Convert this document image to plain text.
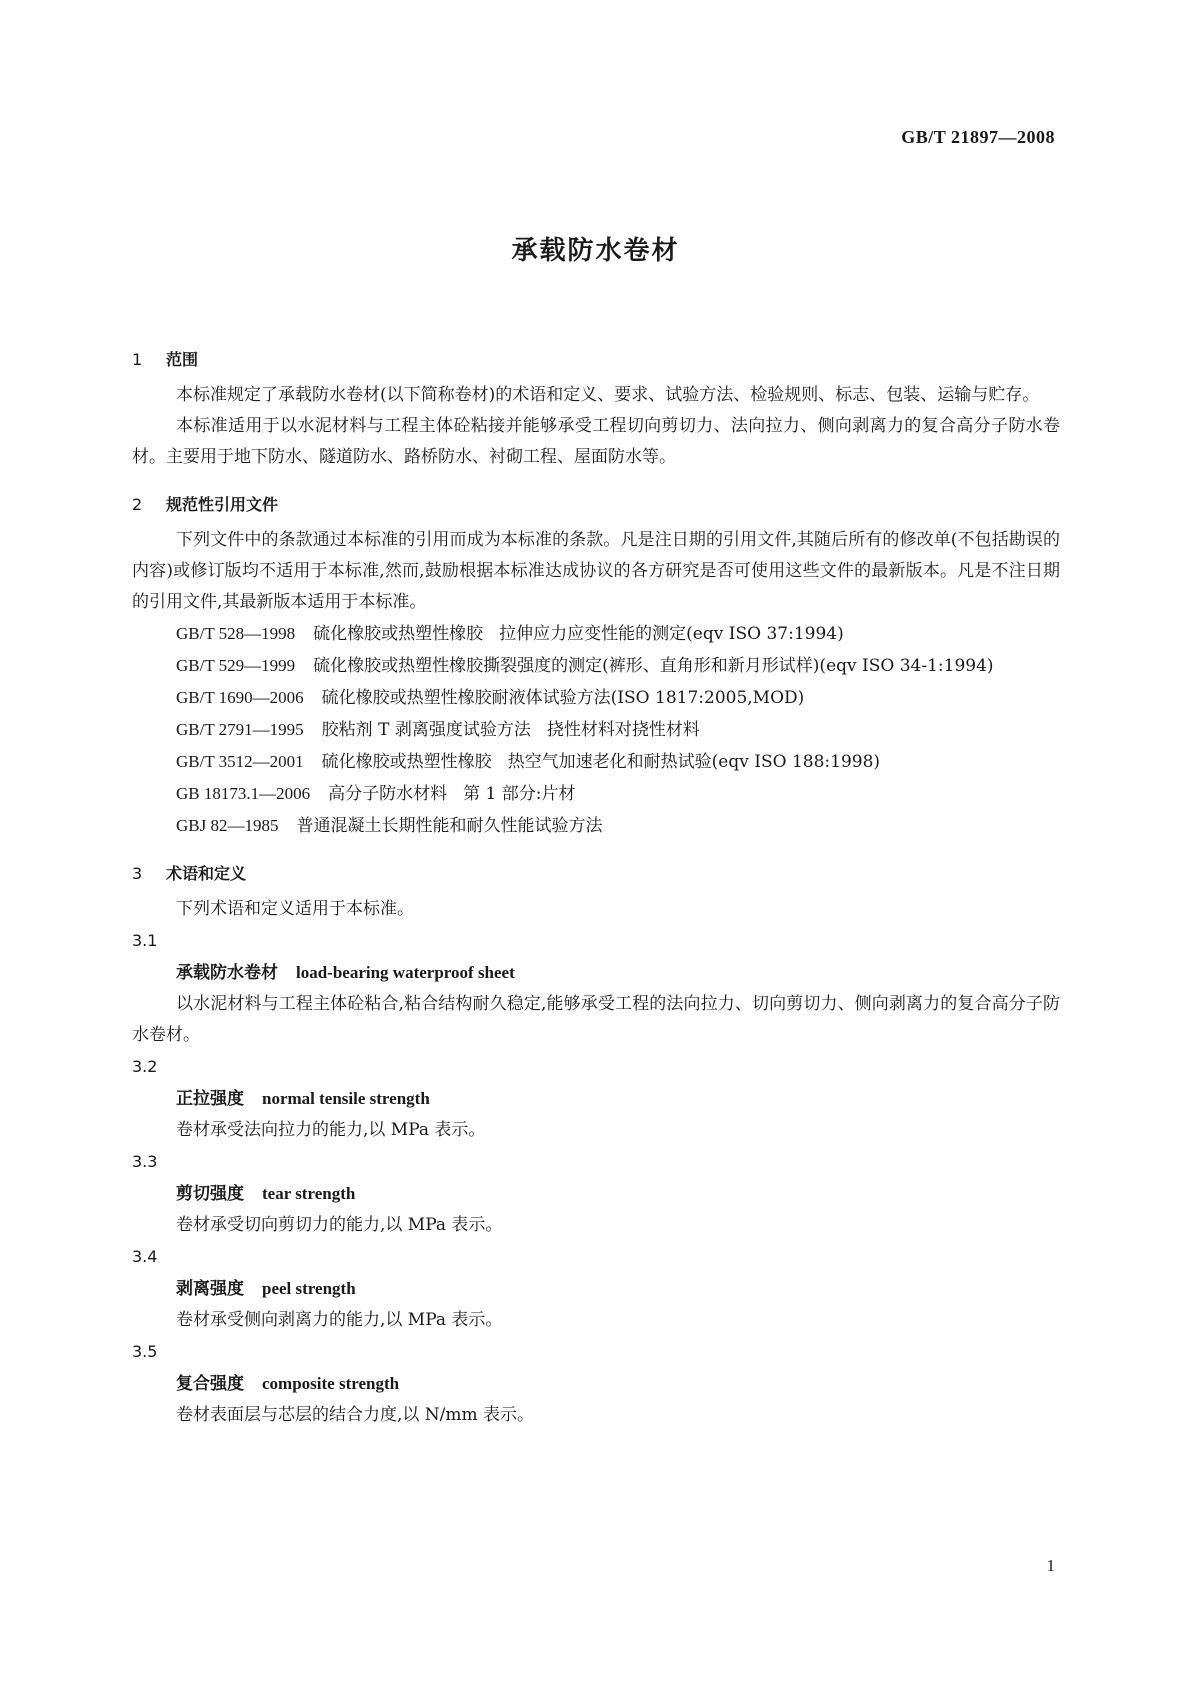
GB/T 21897—2008
承载防水卷材
1 范围

本标准规定了承载防水卷材(以下简称卷材)的术语和定义、要求、试验方法、检验规则、标志、包装、运输与贮存。

本标准适用于以水泥材料与工程主体砼粘接并能够承受工程切向剪切力、法向拉力、侧向剥离力的复合高分子防水卷材。主要用于地下防水、隧道防水、路桥防水、衬砌工程、屋面防水等。

2 规范性引用文件

下列文件中的条款通过本标准的引用而成为本标准的条款。凡是注日期的引用文件,其随后所有的修改单(不包括勘误的内容)或修订版均不适用于本标准,然而,鼓励根据本标准达成协议的各方研究是否可使用这些文件的最新版本。凡是不注日期的引用文件,其最新版本适用于本标准。

GB/T 528—1998 硫化橡胶或热塑性橡胶 拉伸应力应变性能的测定(eqv ISO 37:1994)

GB/T 529—1999 硫化橡胶或热塑性橡胶撕裂强度的测定(裤形、直角形和新月形试样)(eqv ISO 34-1:1994)

GB/T 1690—2006 硫化橡胶或热塑性橡胶耐液体试验方法(ISO 1817:2005,MOD)

GB/T 2791—1995 胶粘剂 T 剥离强度试验方法 挠性材料对挠性材料

GB/T 3512—2001 硫化橡胶或热塑性橡胶 热空气加速老化和耐热试验(eqv ISO 188:1998)

GB 18173.1—2006 高分子防水材料 第 1 部分:片材

GBJ 82—1985 普通混凝土长期性能和耐久性能试验方法

3 术语和定义

下列术语和定义适用于本标准。

3.1

承载防水卷材 load-bearing waterproof sheet

以水泥材料与工程主体砼粘合,粘合结构耐久稳定,能够承受工程的法向拉力、切向剪切力、侧向剥离力的复合高分子防水卷材。

3.2

正拉强度 normal tensile strength

卷材承受法向拉力的能力,以 MPa 表示。

3.3

剪切强度 tear strength

卷材承受切向剪切力的能力,以 MPa 表示。

3.4

剥离强度 peel strength

卷材承受侧向剥离力的能力,以 MPa 表示。

3.5

复合强度 composite strength

卷材表面层与芯层的结合力度,以 N/mm 表示。

1
